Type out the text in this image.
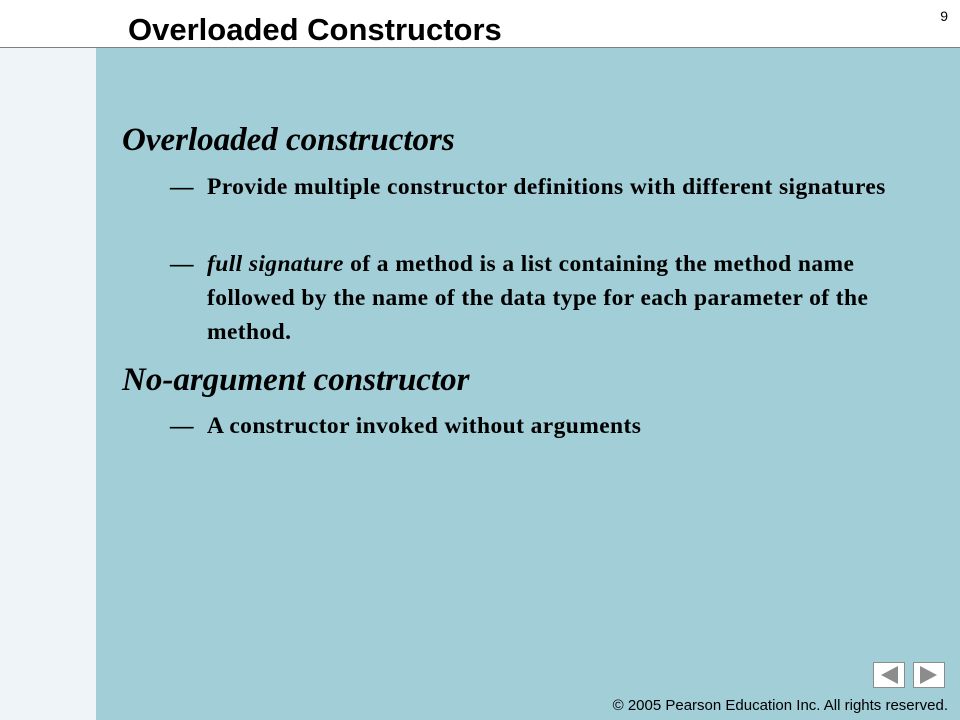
Overloaded Constructors	9
Overloaded constructors
— Provide multiple constructor definitions with different signatures
— full signature of a method is a list containing the method name followed by the name of the data type for each parameter of the method.
No-argument constructor
— A constructor invoked without arguments
© 2005 Pearson Education Inc. All rights reserved.
